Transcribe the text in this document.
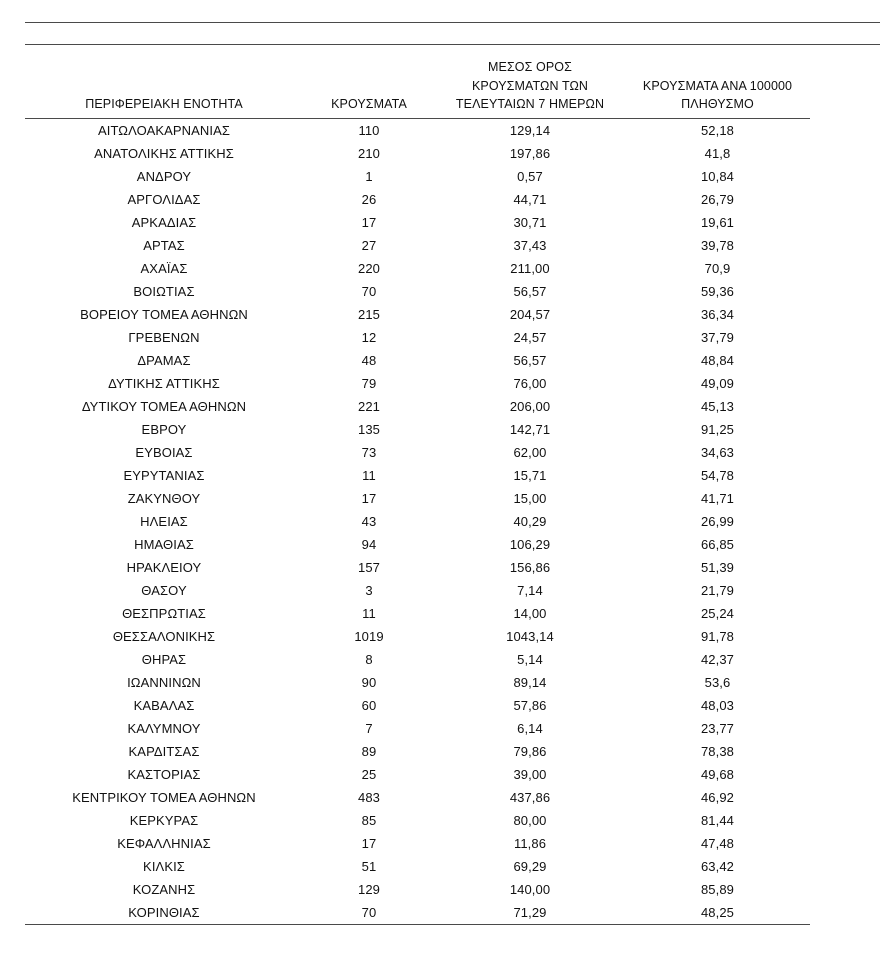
ΠΕΡΙΦΕΡΕΙΑΚΗ ΕΝΟΤΗΤΑ	ΚΡΟΥΣΜΑΤΑ	ΜΕΣΟΣ ΟΡΟΣ
ΚΡΟΥΣΜΑΤΩΝ ΤΩΝ
ΤΕΛΕΥΤΑΙΩΝ 7 ΗΜΕΡΩΝ	ΚΡΟΥΣΜΑΤΑ ΑΝΑ 100000
ΠΛΗΘΥΣΜΟ

ΑΙΤΩΛΟΑΚΑΡΝΑΝΙΑΣ	110	129,14	52,18
ΑΝΑΤΟΛΙΚΗΣ ΑΤΤΙΚΗΣ	210	197,86	41,8
ΑΝΔΡΟΥ	1	0,57	10,84
ΑΡΓΟΛΙΔΑΣ	26	44,71	26,79
ΑΡΚΑΔΙΑΣ	17	30,71	19,61
ΑΡΤΑΣ	27	37,43	39,78
ΑΧΑΪΑΣ	220	211,00	70,9
ΒΟΙΩΤΙΑΣ	70	56,57	59,36
ΒΟΡΕΙΟΥ ΤΟΜΕΑ ΑΘΗΝΩΝ	215	204,57	36,34
ΓΡΕΒΕΝΩΝ	12	24,57	37,79
ΔΡΑΜΑΣ	48	56,57	48,84
ΔΥΤΙΚΗΣ ΑΤΤΙΚΗΣ	79	76,00	49,09
ΔΥΤΙΚΟΥ ΤΟΜΕΑ ΑΘΗΝΩΝ	221	206,00	45,13
ΕΒΡΟΥ	135	142,71	91,25
ΕΥΒΟΙΑΣ	73	62,00	34,63
ΕΥΡΥΤΑΝΙΑΣ	11	15,71	54,78
ΖΑΚΥΝΘΟΥ	17	15,00	41,71
ΗΛΕΙΑΣ	43	40,29	26,99
ΗΜΑΘΙΑΣ	94	106,29	66,85
ΗΡΑΚΛΕΙΟΥ	157	156,86	51,39
ΘΑΣΟΥ	3	7,14	21,79
ΘΕΣΠΡΩΤΙΑΣ	11	14,00	25,24
ΘΕΣΣΑΛΟΝΙΚΗΣ	1019	1043,14	91,78
ΘΗΡΑΣ	8	5,14	42,37
ΙΩΑΝΝΙΝΩΝ	90	89,14	53,6
ΚΑΒΑΛΑΣ	60	57,86	48,03
ΚΑΛΥΜΝΟΥ	7	6,14	23,77
ΚΑΡΔΙΤΣΑΣ	89	79,86	78,38
ΚΑΣΤΟΡΙΑΣ	25	39,00	49,68
ΚΕΝΤΡΙΚΟΥ ΤΟΜΕΑ ΑΘΗΝΩΝ	483	437,86	46,92
ΚΕΡΚΥΡΑΣ	85	80,00	81,44
ΚΕΦΑΛΛΗΝΙΑΣ	17	11,86	47,48
ΚΙΛΚΙΣ	51	69,29	63,42
ΚΟΖΑΝΗΣ	129	140,00	85,89
ΚΟΡΙΝΘΙΑΣ	70	71,29	48,25
